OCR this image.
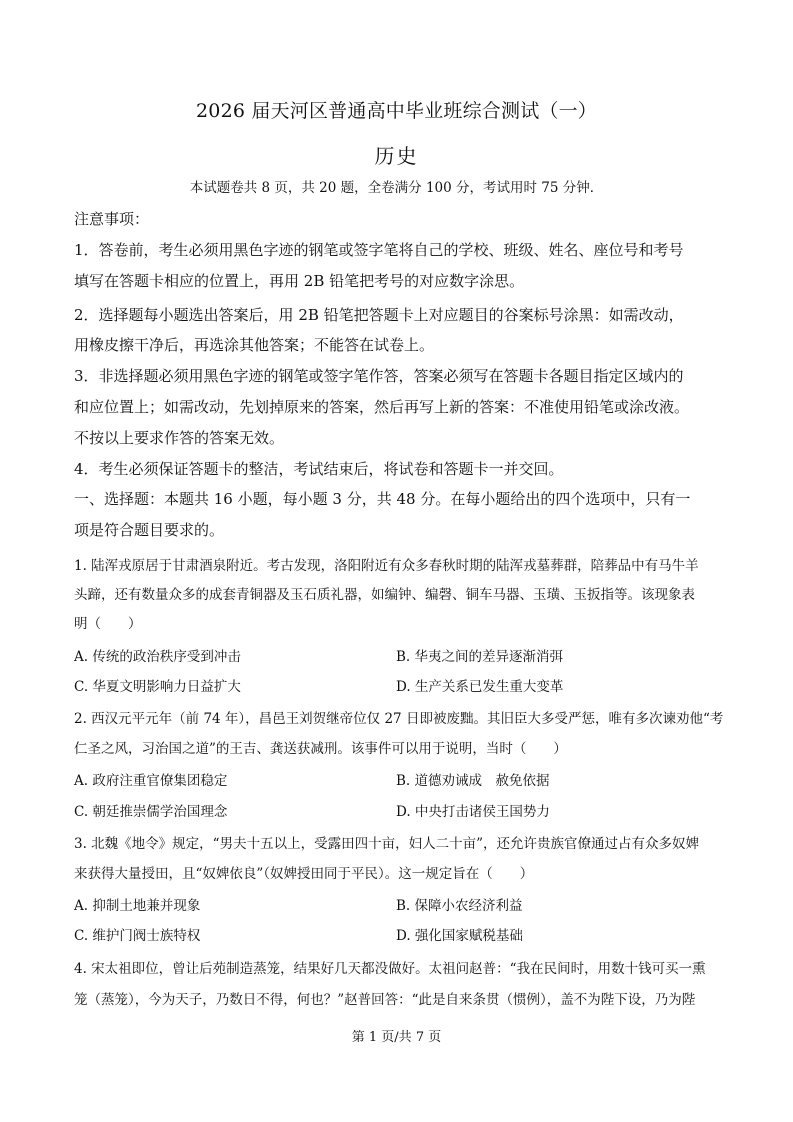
2026 届天河区普通高中毕业班综合测试（一）
历史
本试题卷共 8 页，共 20 题，全卷满分 100 分，考试用时 75 分钟．
注意事项：
1．答卷前，考生必须用黑色字迹的钢笔或签字笔将自己的学校、班级、姓名、座位号和考号
填写在答题卡相应的位置上，再用 2B 铅笔把考号的对应数字涂思。
2．选择题每小题选出答案后，用 2B 铅笔把答题卡上对应题目的谷案标号涂黑：如需改动，
用橡皮擦干净后，再选涂其他答案；不能答在试卷上。
3．非选择题必须用黑色字迹的钢笔或签字笔作答，答案必须写在答题卡各题目指定区域内的
和应位置上；如需改动，先划掉原来的答案，然后再写上新的答案：不准使用铅笔或涂改液。
不按以上要求作答的答案无效。
4．考生必须保证答题卡的整洁，考试结束后，将试卷和答题卡一并交回。
一、选择题：本题共 16 小题，每小题 3 分，共 48 分。在每小题给出的四个选项中，只有一
项是符合题目要求的。
1. 陆浑戎原居于甘肃酒泉附近。考古发现，洛阳附近有众多春秋时期的陆浑戎墓葬群，陪葬品中有马牛羊
头蹄，还有数量众多的成套青铜器及玉石质礼器，如编钟、编磬、铜车马器、玉璜、玉扳指等。该现象表
明（　　）
A. 传统的政治秩序受到冲击	B. 华夷之间的差异逐渐消弭
C. 华夏文明影响力日益扩大	D. 生产关系已发生重大变革
2. 西汉元平元年（前 74 年），昌邑王刘贺继帝位仅 27 日即被废黜。其旧臣大多受严惩，唯有多次谏劝他“考
仁圣之风，习治国之道”的王吉、龚送获减刑。该事件可以用于说明，当时（　　）
A. 政府注重官僚集团稳定	B. 道德劝诫成　赦免依据
C. 朝廷推崇儒学治国理念	D. 中央打击诸侯王国势力
3. 北魏《地令》规定，“男夫十五以上，受露田四十亩，妇人二十亩”，还允许贵族官僚通过占有众多奴婢
来获得大量授田，且“奴婢依良”（奴婢授田同于平民）。这一规定旨在（　　）
A. 抑制土地兼并现象	B. 保障小农经济利益
C. 维护门阀士族特权	D. 强化国家赋税基础
4. 宋太祖即位，曾让后苑制造蒸笼，结果好几天都没做好。太祖问赵普：“我在民间时，用数十钱可买一熏
笼（蒸笼），今为天子，乃数日不得，何也？”赵普回答：“此是自来条贯（惯例），盖不为陛下设，乃为陛
第 1 页/共 7 页
